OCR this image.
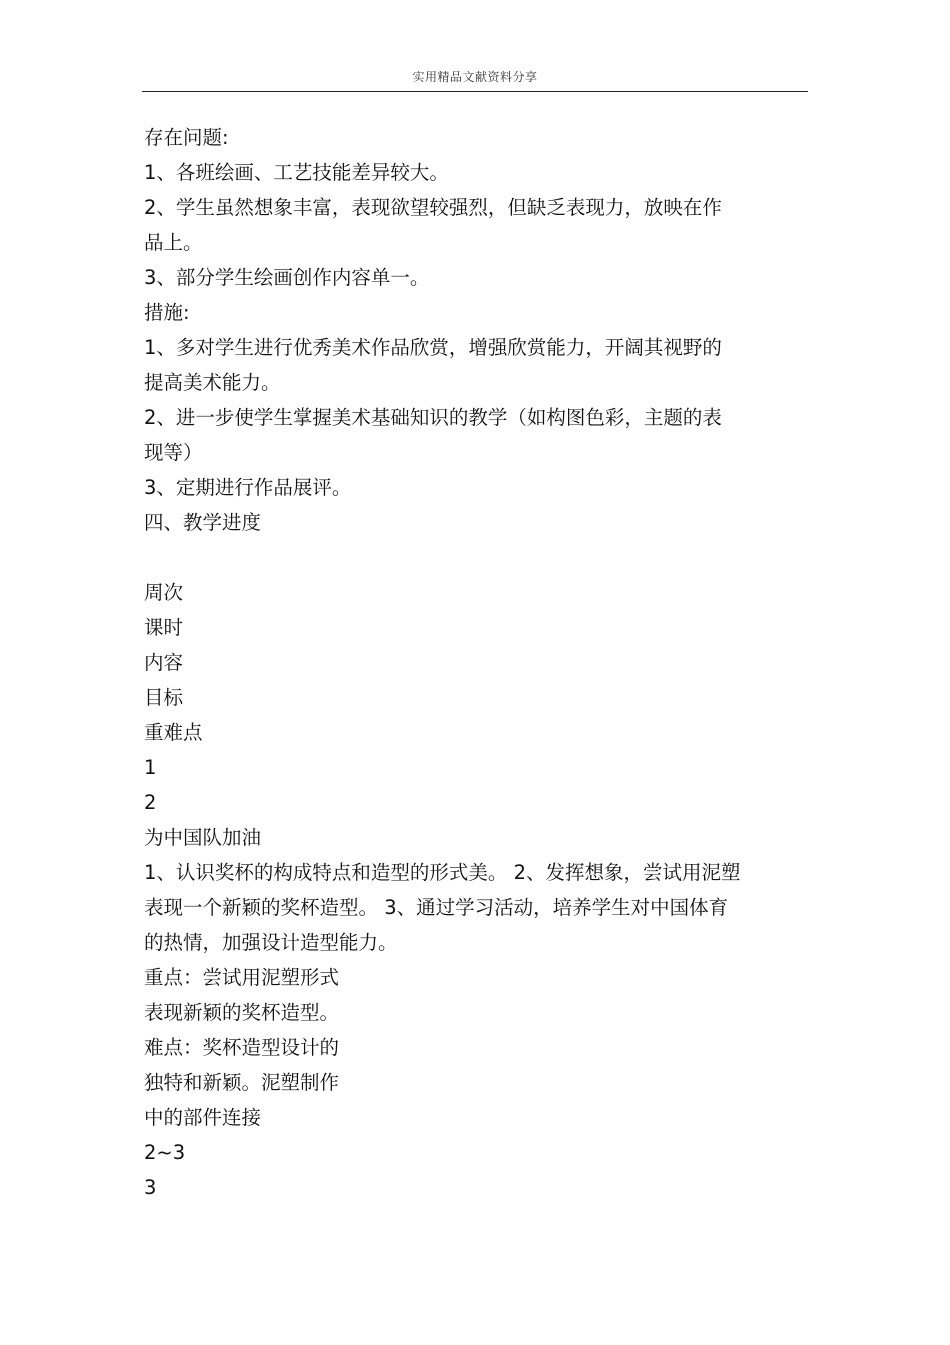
实用精品文献资料分享
存在问题:
1、各班绘画、工艺技能差异较大。
2、学生虽然想象丰富，表现欲望较强烈，但缺乏表现力，放映在作
品上。
3、部分学生绘画创作内容单一。
措施:
1、多对学生进行优秀美术作品欣赏，增强欣赏能力，开阔其视野的
提高美术能力。
2、进一步使学生掌握美术基础知识的教学（如构图色彩，主题的表
现等）
3、定期进行作品展评。
四、教学进度
周次
课时
内容
目标
重难点
1
2
为中国队加油
1、认识奖杯的构成特点和造型的形式美。 2、发挥想象，尝试用泥塑
表现一个新颖的奖杯造型。 3、通过学习活动，培养学生对中国体育
的热情，加强设计造型能力。
重点：尝试用泥塑形式
表现新颖的奖杯造型。
难点：奖杯造型设计的
独特和新颖。泥塑制作
中的部件连接
2~3
3
